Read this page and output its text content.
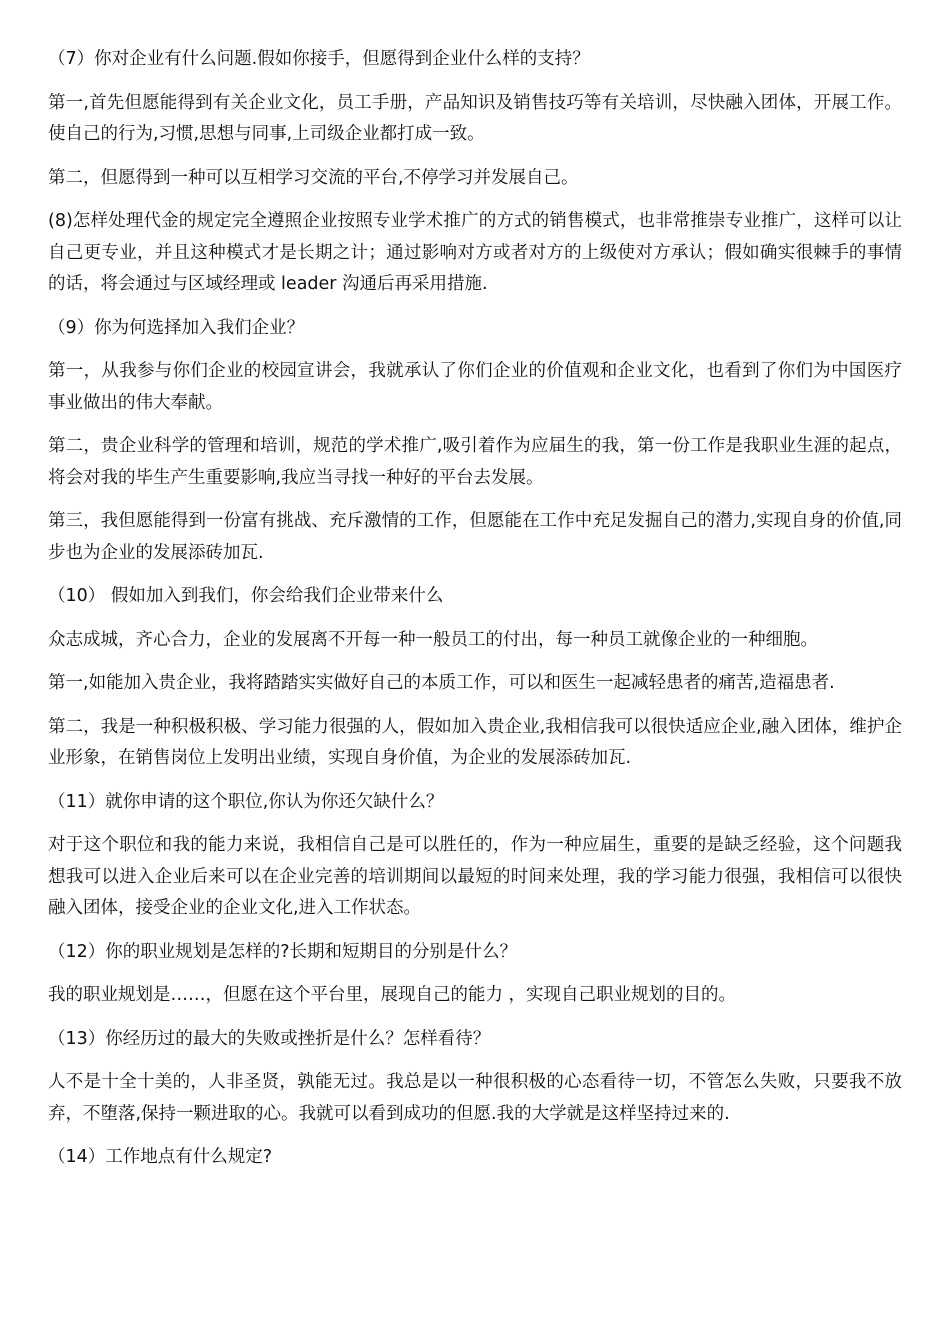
（7）你对企业有什么问题.假如你接手，但愿得到企业什么样的支持？

第一,首先但愿能得到有关企业文化，员工手册，产品知识及销售技巧等有关培训，尽快融入团体，开展工作。使自己的行为,习惯,思想与同事,上司级企业都打成一致。

第二，但愿得到一种可以互相学习交流的平台,不停学习并发展自己。

(8)怎样处理代金的规定完全遵照企业按照专业学术推广的方式的销售模式，也非常推崇专业推广，这样可以让自己更专业，并且这种模式才是长期之计；通过影响对方或者对方的上级使对方承认；假如确实很棘手的事情的话，将会通过与区域经理或 leader 沟通后再采用措施.

（9）你为何选择加入我们企业？

第一，从我参与你们企业的校园宣讲会，我就承认了你们企业的价值观和企业文化，也看到了你们为中国医疗事业做出的伟大奉献。

第二，贵企业科学的管理和培训，规范的学术推广,吸引着作为应届生的我，第一份工作是我职业生涯的起点，将会对我的毕生产生重要影响,我应当寻找一种好的平台去发展。

第三，我但愿能得到一份富有挑战、充斥激情的工作，但愿能在工作中充足发掘自己的潜力,实现自身的价值,同步也为企业的发展添砖加瓦.

（10） 假如加入到我们，你会给我们企业带来什么

众志成城，齐心合力，企业的发展离不开每一种一般员工的付出，每一种员工就像企业的一种细胞。

第一,如能加入贵企业，我将踏踏实实做好自己的本质工作，可以和医生一起减轻患者的痛苦,造福患者.

第二，我是一种积极积极、学习能力很强的人，假如加入贵企业,我相信我可以很快适应企业,融入团体，维护企业形象，在销售岗位上发明出业绩，实现自身价值，为企业的发展添砖加瓦.

（11）就你申请的这个职位,你认为你还欠缺什么？

对于这个职位和我的能力来说，我相信自己是可以胜任的，作为一种应届生，重要的是缺乏经验，这个问题我想我可以进入企业后来可以在企业完善的培训期间以最短的时间来处理，我的学习能力很强，我相信可以很快融入团体，接受企业的企业文化,进入工作状态。

（12）你的职业规划是怎样的?长期和短期目的分别是什么？

我的职业规划是……，但愿在这个平台里，展现自己的能力 ，实现自己职业规划的目的。

（13）你经历过的最大的失败或挫折是什么？怎样看待？

人不是十全十美的，人非圣贤，孰能无过。我总是以一种很积极的心态看待一切，不管怎么失败，只要我不放弃，不堕落,保持一颗进取的心。我就可以看到成功的但愿.我的大学就是这样坚持过来的.

（14）工作地点有什么规定?
